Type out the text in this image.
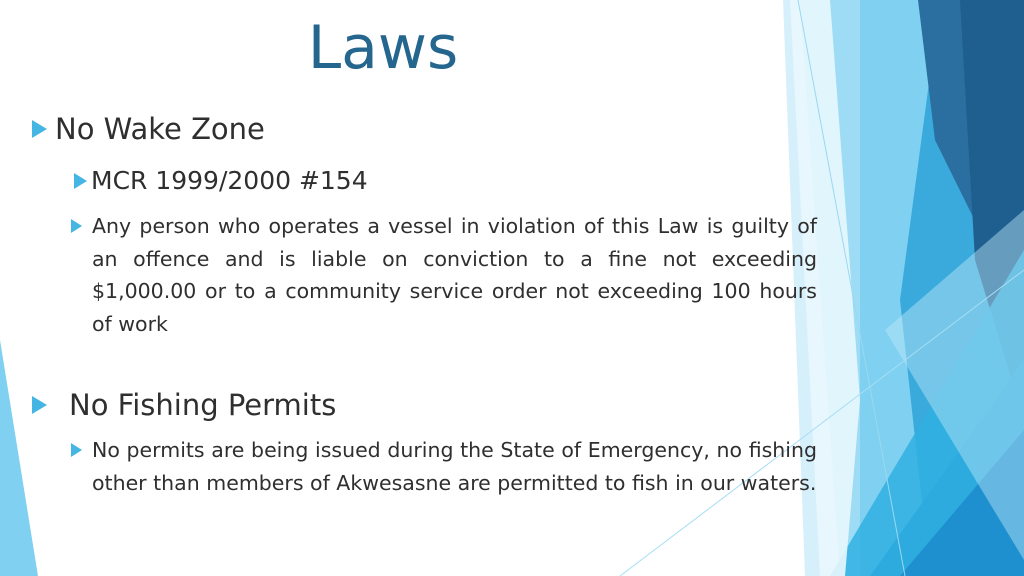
Laws
No Wake Zone
MCR 1999/2000 #154
Any person who operates a vessel in violation of this Law is guilty of an offence and is liable on conviction to a fine not exceeding $1,000.00 or to a community service order not exceeding 100 hours of work
No Fishing Permits
No permits are being issued during the State of Emergency, no fishing other than members of Akwesasne are permitted to fish in our waters.
